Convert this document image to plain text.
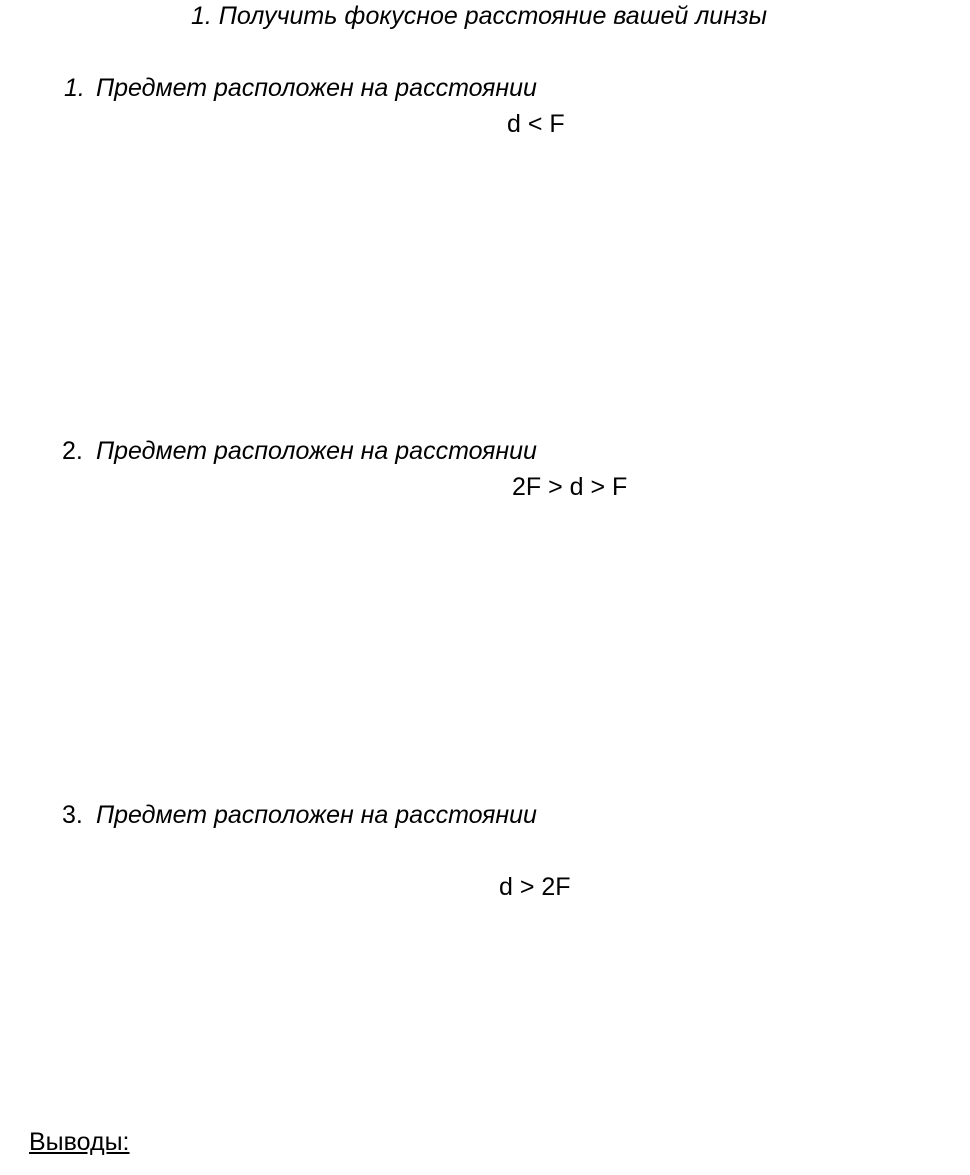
1. Получить фокусное расстояние вашей линзы
1. Предмет расположен на расстоянии
d < F
2. Предмет расположен на расстоянии
2F > d > F
3. Предмет расположен на расстоянии
d > 2F
Выводы:
